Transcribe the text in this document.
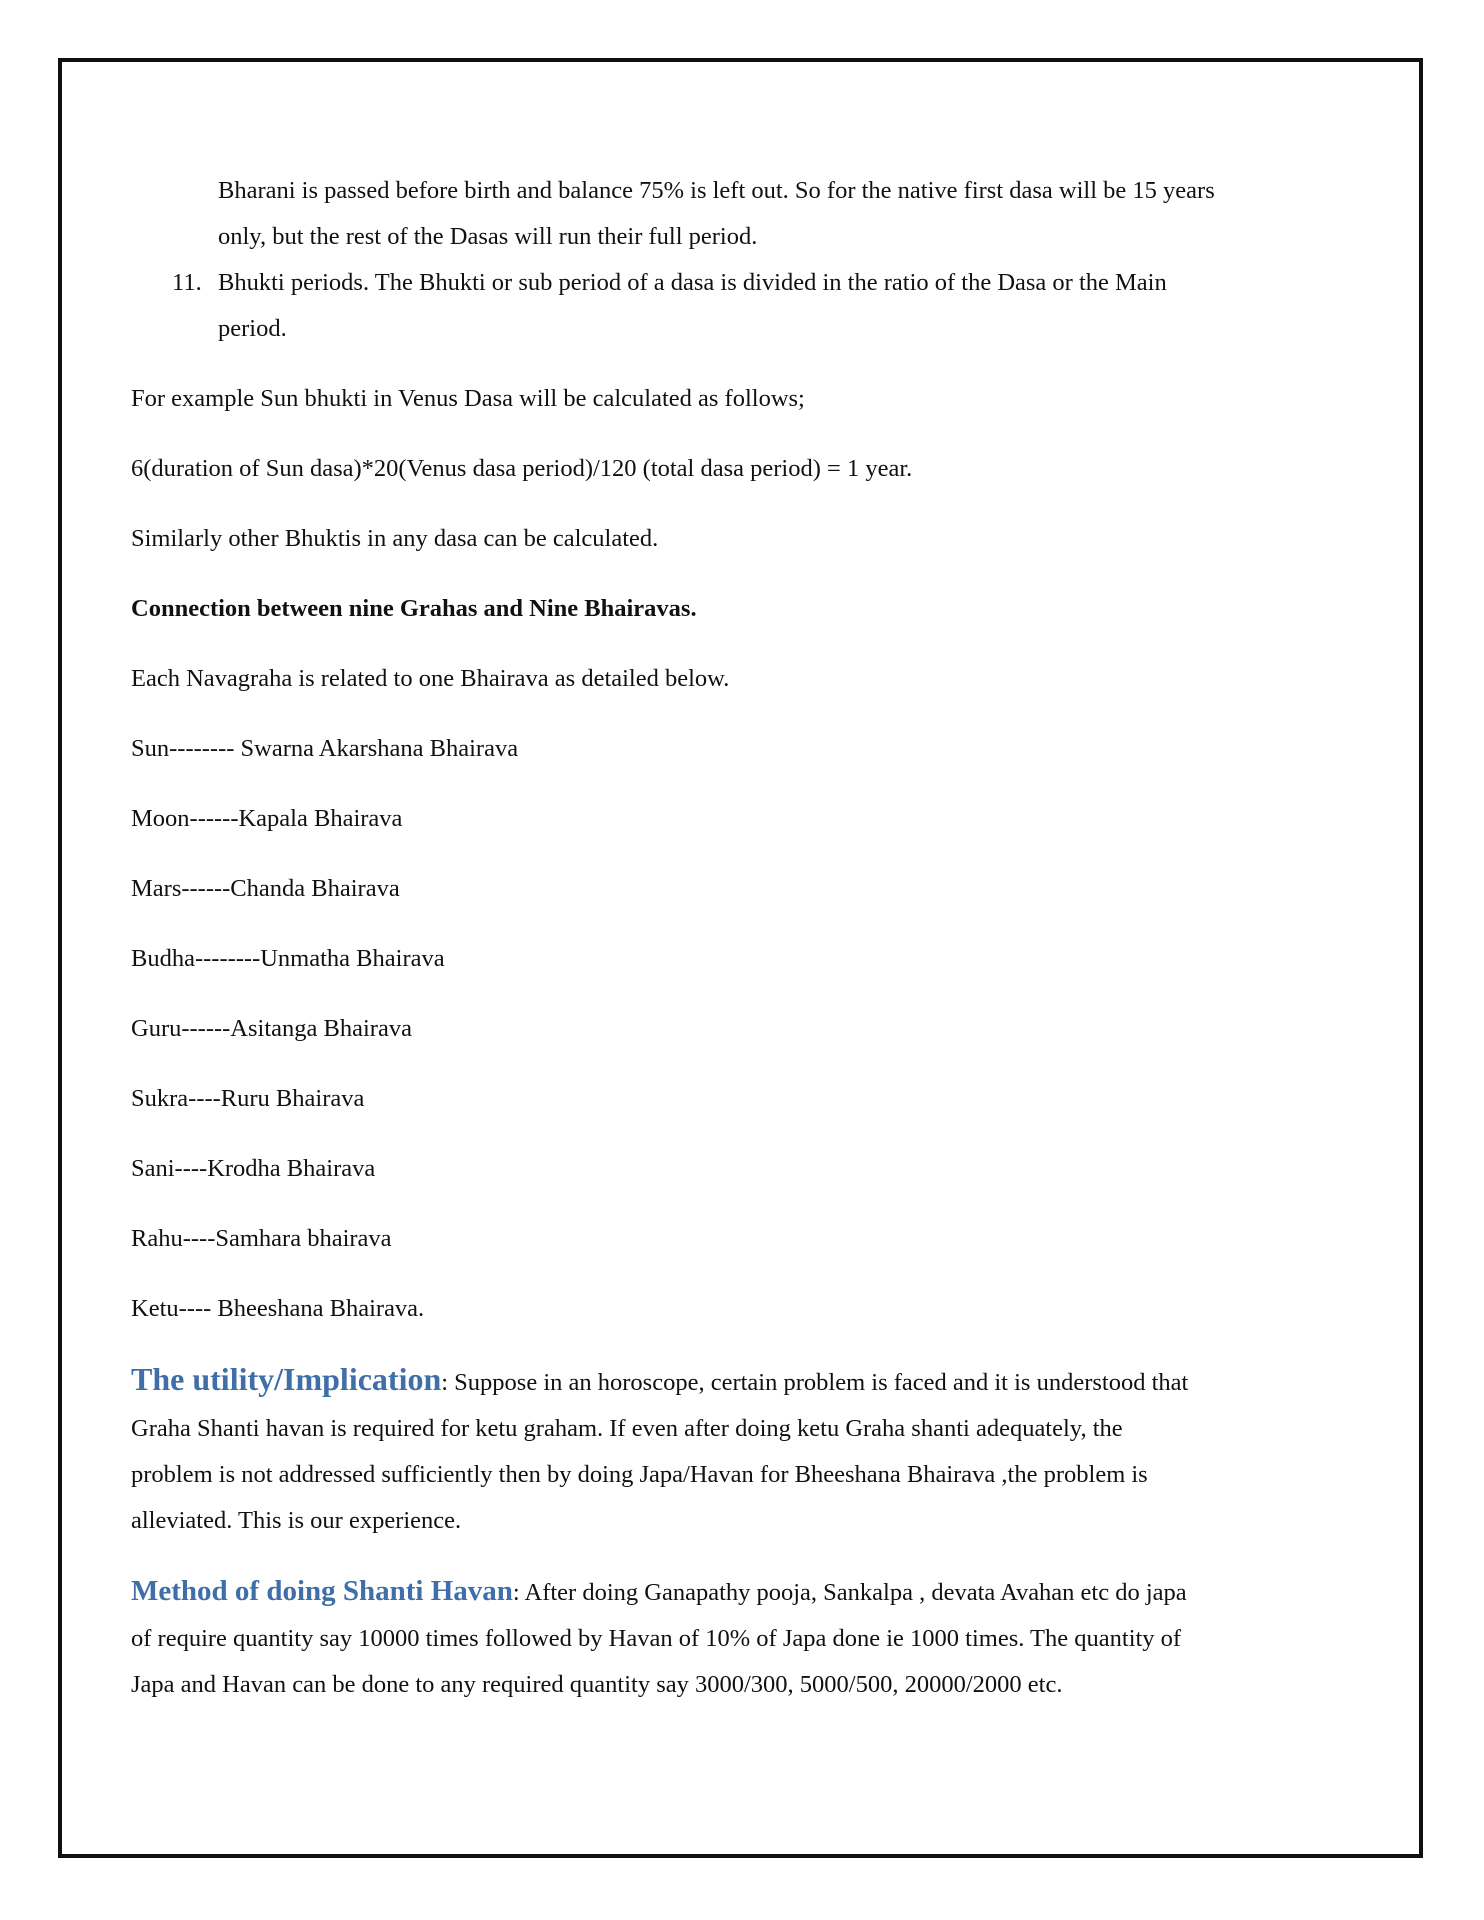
Bharani is passed before birth and balance 75% is left out. So for the native first dasa will be 15 years
only, but the rest of the Dasas will run their full period.
11. Bhukti periods. The Bhukti or sub period of a dasa is divided in the ratio of the Dasa or the Main
period.

For example Sun bhukti in Venus Dasa will be calculated as follows;

6(duration of Sun dasa)*20(Venus dasa period)/120 (total dasa period) = 1 year.

Similarly other Bhuktis in any dasa can be calculated.

Connection between nine Grahas and Nine Bhairavas.

Each Navagraha is related to one Bhairava as detailed below.

Sun-------- Swarna Akarshana Bhairava

Moon------Kapala Bhairava

Mars------Chanda Bhairava

Budha--------Unmatha Bhairava

Guru------Asitanga Bhairava

Sukra----Ruru Bhairava

Sani----Krodha Bhairava

Rahu----Samhara bhairava

Ketu---- Bheeshana Bhairava.

The utility/Implication: Suppose in an horoscope, certain problem is faced and it is understood that
Graha Shanti havan is required for ketu graham. If even after doing ketu Graha shanti adequately, the
problem is not addressed sufficiently then by doing Japa/Havan for Bheeshana Bhairava ,the problem is
alleviated. This is our experience.
Method of doing Shanti Havan: After doing Ganapathy pooja, Sankalpa , devata Avahan etc do japa
of require quantity say 10000 times followed by Havan of 10% of Japa done ie 1000 times. The quantity of
Japa and Havan can be done to any required quantity say 3000/300, 5000/500, 20000/2000 etc.
